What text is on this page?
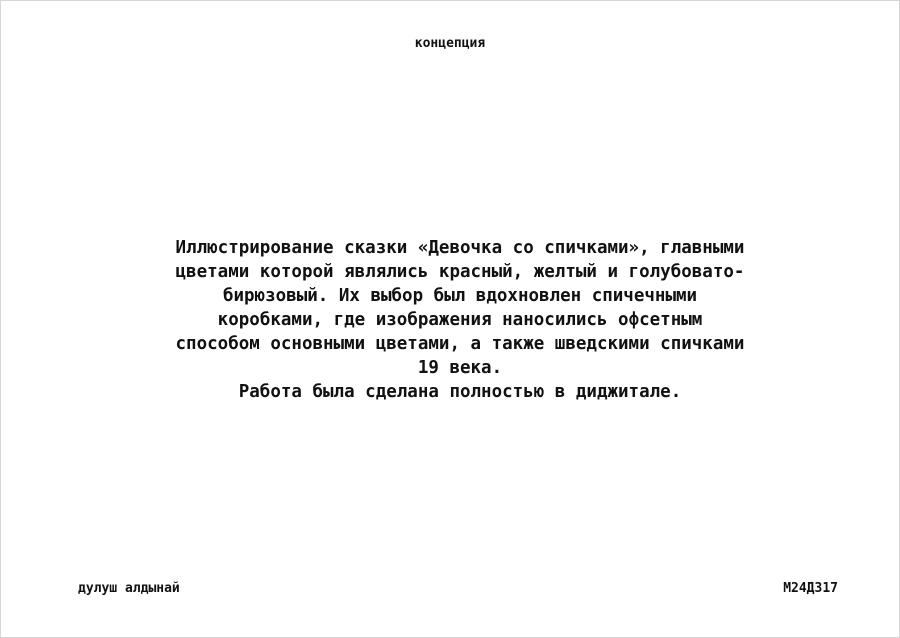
концепция
Иллюстрирование сказки «Девочка со спичками», главными
цветами которой являлись красный, желтый и голубовато-
бирюзовый. Их выбор был вдохновлен спичечными
коробками, где изображения наносились офсетным
способом основными цветами, а также шведскими спичками
19 века.
Работа была сделана полностью в диджитале.
дулуш алдынай	М24Д317
